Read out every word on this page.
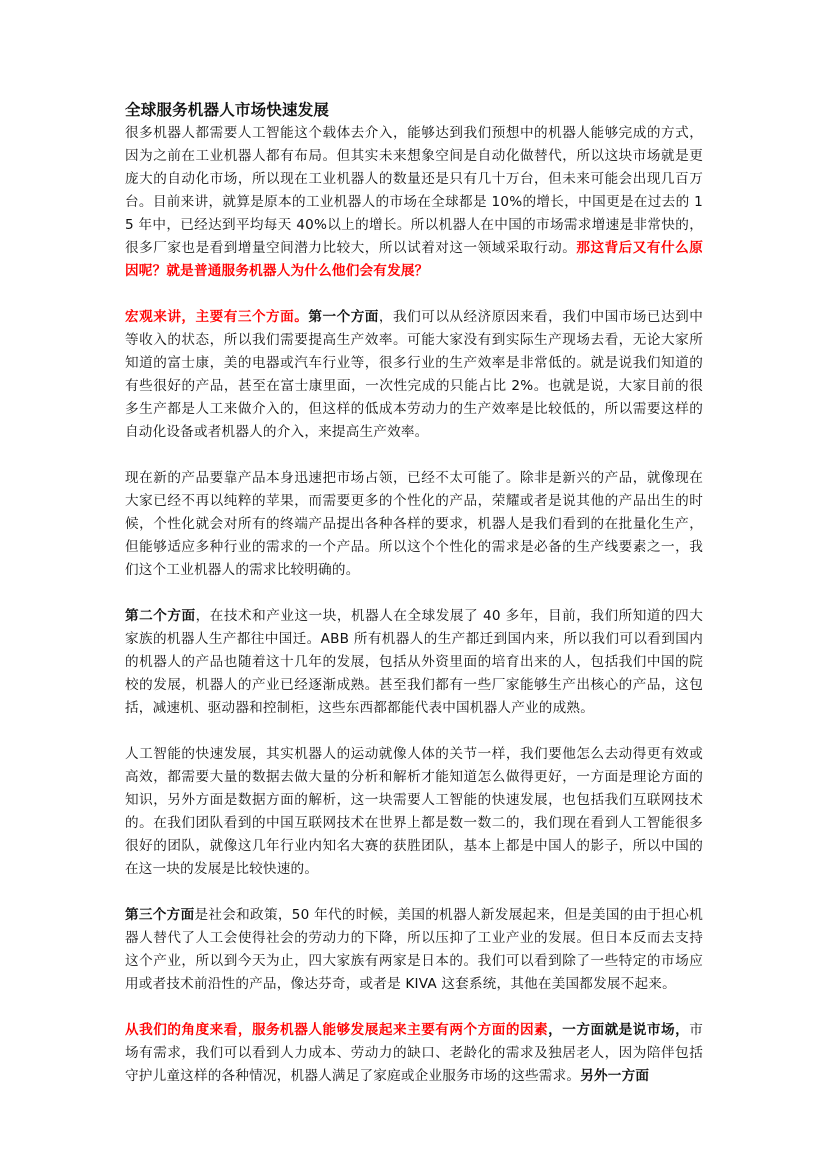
全球服务机器人市场快速发展

很多机器人都需要人工智能这个载体去介入，能够达到我们预想中的机器人能够完成的方式，因为之前在工业机器人都有布局。但其实未来想象空间是自动化做替代，所以这块市场就是更庞大的自动化市场，所以现在工业机器人的数量还是只有几十万台，但未来可能会出现几百万台。目前来讲，就算是原本的工业机器人的市场在全球都是 10%的增长，中国更是在过去的 15 年中，已经达到平均每天 40%以上的增长。所以机器人在中国的市场需求增速是非常快的，很多厂家也是看到增量空间潜力比较大，所以试着对这一领域采取行动。那这背后又有什么原因呢？就是普通服务机器人为什么他们会有发展？

宏观来讲，主要有三个方面。第一个方面，我们可以从经济原因来看，我们中国市场已达到中等收入的状态，所以我们需要提高生产效率。可能大家没有到实际生产现场去看，无论大家所知道的富士康，美的电器或汽车行业等，很多行业的生产效率是非常低的。就是说我们知道的有些很好的产品，甚至在富士康里面，一次性完成的只能占比 2%。也就是说，大家目前的很多生产都是人工来做介入的，但这样的低成本劳动力的生产效率是比较低的，所以需要这样的自动化设备或者机器人的介入，来提高生产效率。

现在新的产品要靠产品本身迅速把市场占领，已经不太可能了。除非是新兴的产品，就像现在大家已经不再以纯粹的苹果，而需要更多的个性化的产品，荣耀或者是说其他的产品出生的时候，个性化就会对所有的终端产品提出各种各样的要求，机器人是我们看到的在批量化生产，但能够适应多种行业的需求的一个产品。所以这个个性化的需求是必备的生产线要素之一，我们这个工业机器人的需求比较明确的。

第二个方面，在技术和产业这一块，机器人在全球发展了 40 多年，目前，我们所知道的四大家族的机器人生产都往中国迁。ABB 所有机器人的生产都迁到国内来，所以我们可以看到国内的机器人的产品也随着这十几年的发展，包括从外资里面的培育出来的人，包括我们中国的院校的发展，机器人的产业已经逐渐成熟。甚至我们都有一些厂家能够生产出核心的产品，这包括，减速机、驱动器和控制柜，这些东西都都能代表中国机器人产业的成熟。

人工智能的快速发展，其实机器人的运动就像人体的关节一样，我们要他怎么去动得更有效或高效，都需要大量的数据去做大量的分析和解析才能知道怎么做得更好，一方面是理论方面的知识，另外方面是数据方面的解析，这一块需要人工智能的快速发展，也包括我们互联网技术的。在我们团队看到的中国互联网技术在世界上都是数一数二的，我们现在看到人工智能很多很好的团队，就像这几年行业内知名大赛的获胜团队，基本上都是中国人的影子，所以中国的在这一块的发展是比较快速的。

第三个方面是社会和政策，50 年代的时候，美国的机器人新发展起来，但是美国的由于担心机器人替代了人工会使得社会的劳动力的下降，所以压抑了工业产业的发展。但日本反而去支持这个产业，所以到今天为止，四大家族有两家是日本的。我们可以看到除了一些特定的市场应用或者技术前沿性的产品，像达芬奇，或者是 KIVA 这套系统，其他在美国都发展不起来。

从我们的角度来看，服务机器人能够发展起来主要有两个方面的因素，一方面就是说市场，市场有需求，我们可以看到人力成本、劳动力的缺口、老龄化的需求及独居老人，因为陪伴包括守护儿童这样的各种情况，机器人满足了家庭或企业服务市场的这些需求。另外一方面
